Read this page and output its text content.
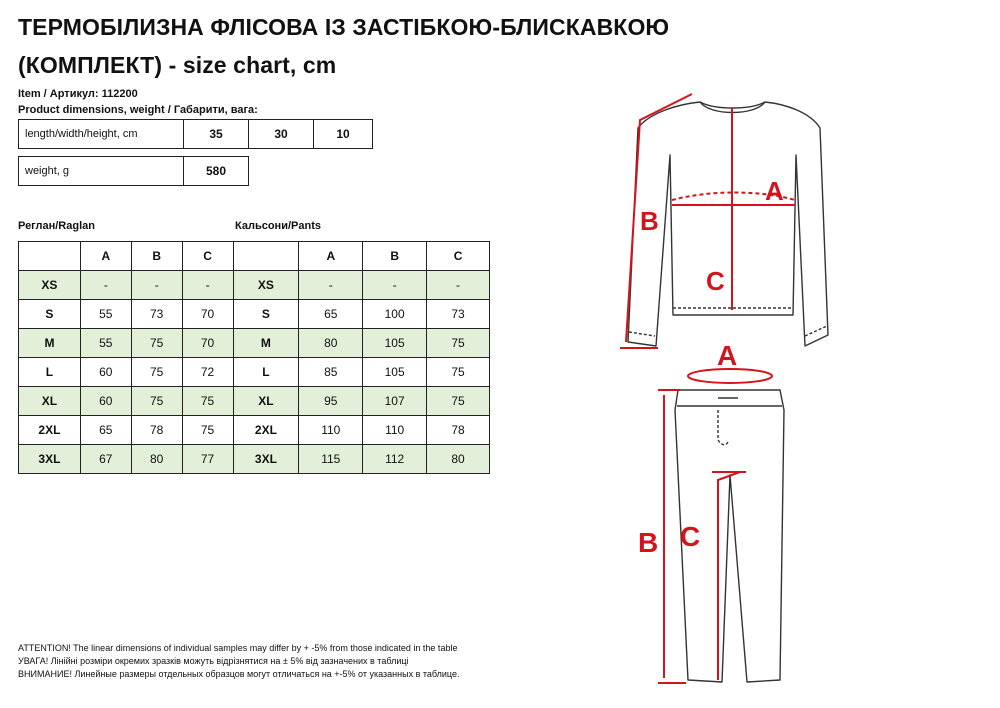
ТЕРМОБІЛИЗНА ФЛІСОВА ІЗ ЗАСТІБКОЮ-БЛИСКАВКОЮ
(КОМПЛЕКТ) - size chart, cm
Item / Артикул: 112200
Product dimensions, weight / Габарити, вага:
length/width/height, cm	35	30	10
weight, g	580
Реглан/Raglan	Кальсони/Pants
	A	B	C		A	B	C
XS	-	-	-	XS	-	-	-
S	55	73	70	S	65	100	73
M	55	75	70	M	80	105	75
L	60	75	72	L	85	105	75
XL	60	75	75	XL	95	107	75
2XL	65	78	75	2XL	110	110	78
3XL	67	80	77	3XL	115	112	80
ATTENTION! The linear dimensions of individual samples may differ by + -5% from those indicated in the table
УВАГА! Лінійні розміри окремих зразків можуть відрізнятися на ± 5% від зазначених в таблиці
ВНИМАНИЕ! Линейные размеры отдельных образцов могут отличаться на +-5% от указанных в таблице.
A
B
C
A
B C
